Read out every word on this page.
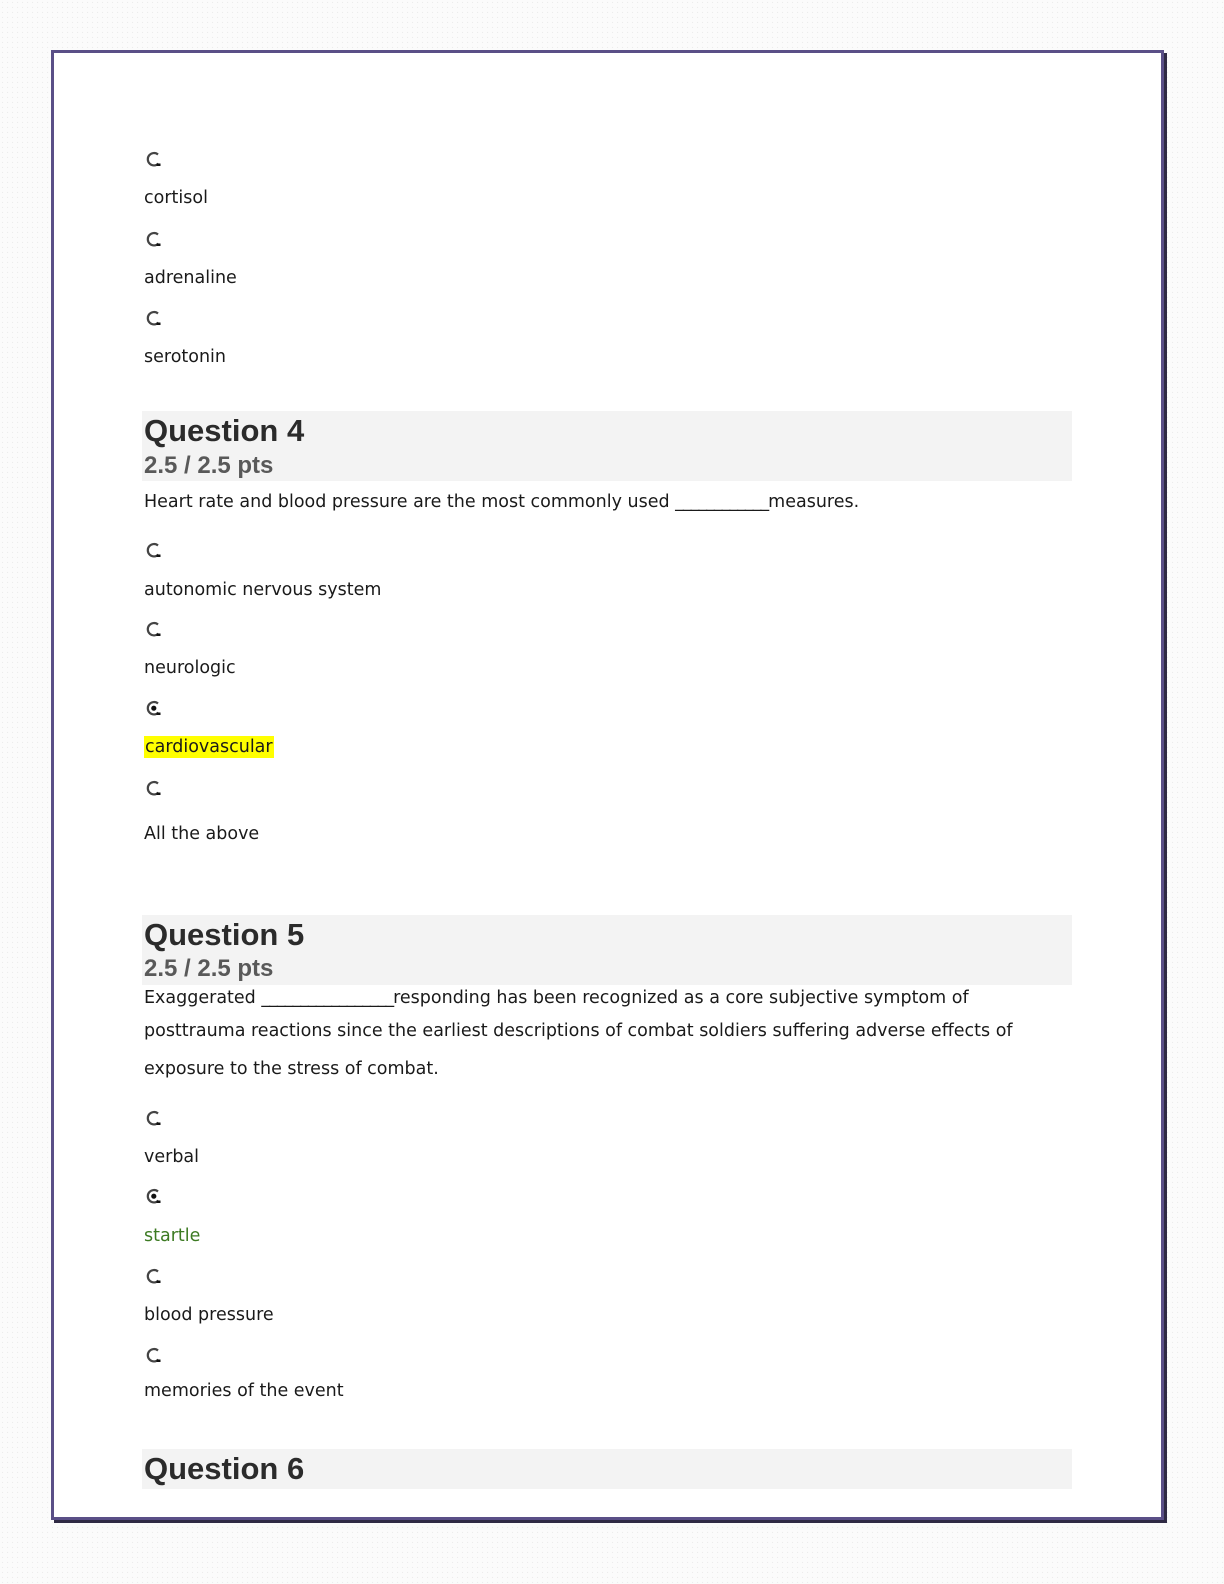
cortisol
adrenaline
serotonin
Question 4
2.5 / 2.5 pts
Heart rate and blood pressure are the most commonly used ____________measures.
autonomic nervous system
neurologic
cardiovascular
All the above
Question 5
2.5 / 2.5 pts
Exaggerated _________________responding has been recognized as a core subjective symptom of
posttrauma reactions since the earliest descriptions of combat soldiers suffering adverse effects of
exposure to the stress of combat.
verbal
startle
blood pressure
memories of the event
Question 6
